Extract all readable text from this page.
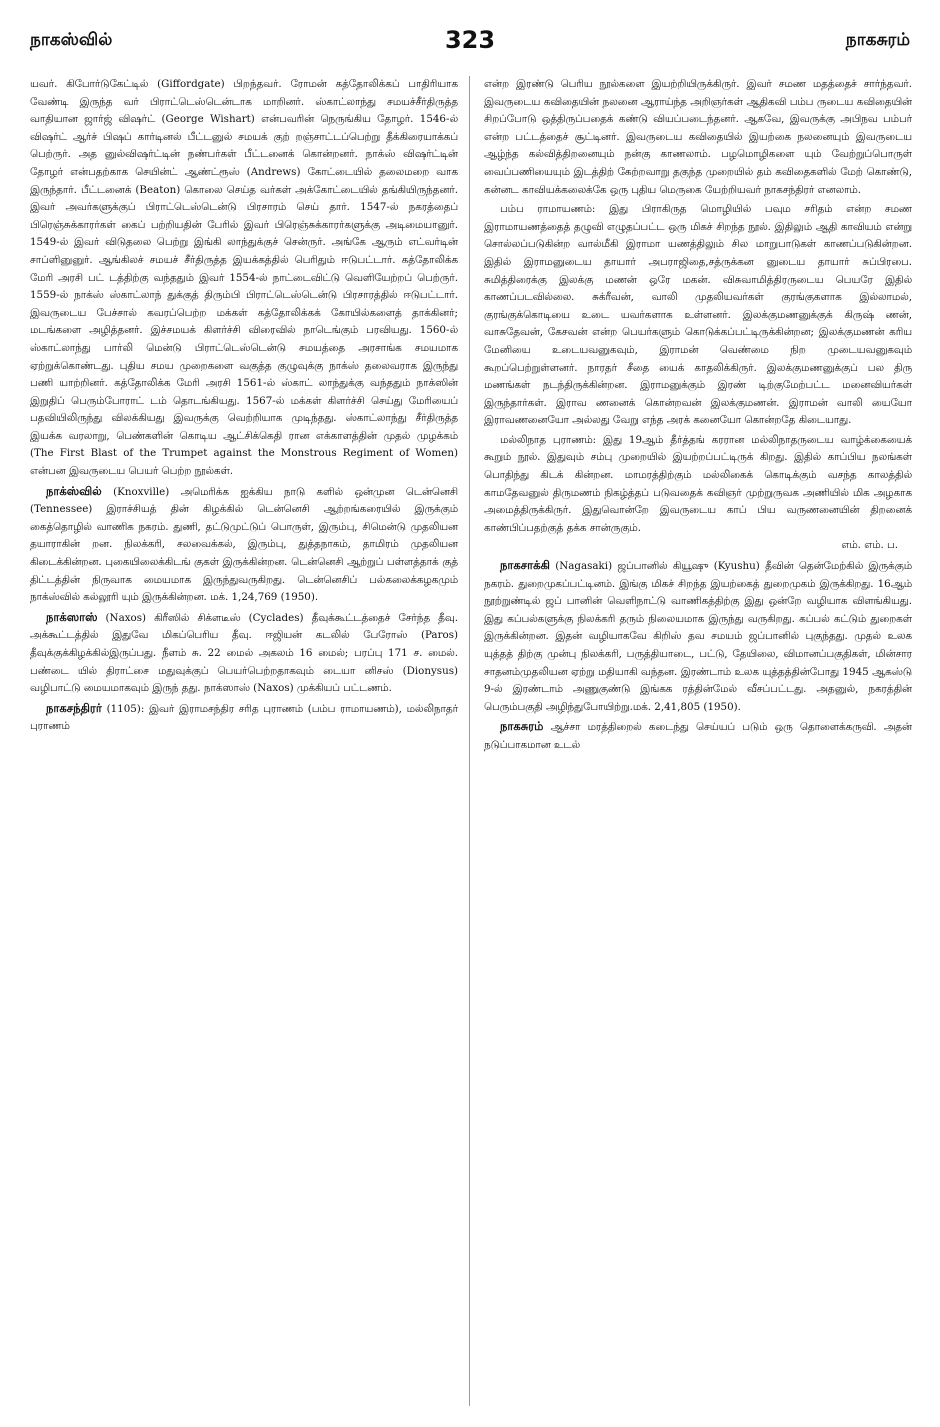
நாகஸ்வில்	323	நாகசுரம்

யவர். கிபோர்டுகேட்டில் (Giffordgate) பிறந்தவர். ரோமன் கத்தோலிக்கப் பாதிரியாக வேண்டி இருந்த வர் பிராட்டெஸ்டென்டாக மாறினர். ஸ்காட்லாந்து சமயச்சீர்திருத்த வாதியான ஜார்ஜ் விஷர்ட் (George Wishart) என்பவரின் நெருங்கிய தோழர். 1546-ல் விஷர்ட் ஆர்ச் பிஷப் கார்டினல் பீட்டனுல் சமயக் குற் றஞ்சாட்டப்பெற்று தீக்கிரையாக்கப் பெற்ருர். அத னுல்விஷர்ட்டின் நண்பர்கள் பீட்டனைக் கொன்றனர். நாக்ஸ் விஷர்ட்டின் தோழர் என்பதற்காக செயின்ட் ஆண்ட்ரூஸ் (Andrews) கோட்டையில் தலைமறை வாக இருந்தார். பீட்டனைக் (Beaton) கொலை செய்த வர்கள் அக்கோட்டையில் தங்கியிருந்தனர். இவர் அவர்களுக்குப் பிராட்டெஸ்டென்டு பிரசாரம் செய் தார். 1547-ல் நகரத்தைப் பிரெஞ்சுக்காரர்கள் கைப் பற்றியதின் பேரில் இவர் பிரெஞ்சுக்காரர்களுக்கு அடிமையானுர். 1549-ல் இவர் விடுதலை பெற்று இங்கி லாந்துக்குச் சென்ருர். அங்கே ஆரும் எட்வர்டின் சாப்ளினுனுர். ஆங்கிலச் சமயச் சீர்திருத்த இயக்கத்தில் பெரிதும் ஈடுபட்டார். கத்தோலிக்க மேரி அரசி பட் டத்திற்கு வந்ததும் இவர் 1554-ல் நாட்டைவிட்டு வெளியேற்றப் பெற்ருர். 1559-ல் நாக்ஸ் ஸ்காட்லாந் துக்குத் திரும்பி பிராட்டெஸ்டென்டு பிரசாரத்தில் ஈடுபட்டார். இவருடைய பேச்சால் கவரப்பெற்ற மக்கள் கத்தோலிக்கக் கோயில்களைத் தாக்கினர்; மடங்களை அழித்தனர். இச்சமயக் கிளர்ச்சி விரைவில் நாடெங்கும் பரவியது. 1560-ல் ஸ்காட்லாந்து பார்லி மென்டு பிராட்டெஸ்டென்டு சமயத்தை அரசாங்க சமயமாக ஏற்றுக்கொண்டது. புதிய சமய முறைகளை வகுத்த குழுவுக்கு நாக்ஸ் தலைவராக இருந்து பணி யாற்றினர். கத்தோலிக்க மேரி அரசி 1561-ல் ஸ்காட் லாந்துக்கு வந்ததும் நாக்ஸின் இறுதிப் பெரும்போராட் டம் தொடங்கியது. 1567-ல் மக்கள் கிளர்ச்சி செய்து மேரியைப் பதவியிலிருந்து விலக்கியது இவருக்கு வெற்றியாக முடிந்தது. ஸ்காட்லாந்து சீர்திருத்த இயக்க வரலாறு, பெண்களின் கொடிய ஆட்சிக்கெதி ரான எக்காளத்தின் முதல் முழக்கம் (The First Blast of the Trumpet against the Monstrous Regiment of Women) என்பன இவருடைய பெயர் பெற்ற நூல்கள்.

நாக்ஸ்வில் (Knoxville) அமெரிக்க ஐக்கிய நாடு களில் ஒன்முன டென்னெசி (Tennessee) இராச்சியத் தின் கிழக்கில் டென்னெசி ஆற்றங்கரையில் இருக்கும் கைத்தொழில் வாணிக நகரம். துணி, தட்டுமுட்டுப் பொருள், இரும்பு, சிமென்டு முதலியன தயாராகின் றன. நிலக்கரி, சலவைக்கல், இரும்பு, துத்தநாகம், தாமிரம் முதலியன கிடைக்கின்றன. புகையிலைக்கிடங் குகள் இருக்கின்றன. டென்னெசி ஆற்றுப் பள்ளத்தாக் குத் திட்டத்தின் நிருவாக மையமாக இருந்துவருகிறது. டென்னெசிப் பல்கலைக்கழகமும் நாக்ஸ்வில் கல்லூரி யும் இருக்கின்றன. மக். 1,24,769 (1950).

நாக்ஸாஸ் (Naxos) கிரீஸில் சிக்ளடீஸ் (Cyclades) தீவுக்கூட்டத்தைச் சேர்ந்த தீவு. அக்கூட்டத்தில் இதுவே மிகப்பெரிய தீவு. ஈஜியன் கடலில் பேரோஸ் (Paros) தீவுக்குக்கிழக்கில்இருப்பது. நீளம் சு. 22 மைல் அகலம் 16 மைல்; பரப்பு 171 ச. மைல். பண்டை யில் திராட்சை மதுவுக்குப் பெயர்பெற்றதாகவும் டையா னிசஸ் (Dionysus) வழிபாட்டு மையமாகவும் இருந் தது. நாக்ஸாஸ் (Naxos) முக்கியப் பட்டணம்.

நாகசந்திரர் (1105): இவர் இராமசந்திர சரித புராணம் (பம்ப ராமாயணம்), மல்லிநாதர் புராணம்

என்ற இரண்டு பெரிய நூல்களை இயற்றியிருக்கிருர். இவர் சமண மதத்தைச் சார்ந்தவர். இவருடைய கவிதையின் நலனை ஆராய்ந்த அறிஞர்கள் ஆதிகவி பம்ப ருடைய கவிதையின் சிறப்போடு ஒத்திருப்பதைக் கண்டு வியப்படைந்தனர். ஆகவே, இவருக்கு அபிநவ பம்பர் என்ற பட்டத்தைச் சூட்டினர். இவருடைய கவிதையில் இயற்கை நலனையும் இவருடைய ஆழ்ந்த கல்வித்திறனையும் நன்கு காணலாம். பழமொழிகளை யும் வேற்றுப்பொருள் வைப்பணியையும் இடத்திற் கேற்றவாறு தகுந்த முறையில் தம் கவிதைகளில் மேற் கொண்டு, கன்னட காவியக்கலைக்கே ஒரு புதிய மெருகை யேற்றியவர் நாகசந்திரர் எனலாம்.

பம்ப ராமாயணம்: இது பிராகிருத மொழியில் பவும சரிதம் என்ற சமண இராமாயணத்தைத் தழுவி எழுதப்பட்ட ஒரு மிகச் சிறந்த நூல். இதிலும் ஆதி காவியம் என்று சொல்லப்படுகின்ற வால்மீகி இராமா யணத்திலும் சில மாறுபாடுகள் காணப்படுகின்றன. இதில் இராமனுடைய தாயார் அபராஜிதை,சத்ருக்கன னுடைய தாயார் சுப்பிரபை. சுமித்திரைக்கு இலக்கு மணன் ஒரே மகன். விசுவாமித்திரருடைய பெயரே இதில் காணப்படவில்லை. சுக்ரீவன், வாலி முதலியவர்கள் குரங்குகளாக இல்லாமல், குரங்குக்கொடியை உடை யவர்களாக உள்ளனர். இலக்குமணனுக்குக் கிருஷ் ணன், வாசுதேவன், கேசவன் என்ற பெயர்களும் கொடுக்கப்பட்டிருக்கின்றன; இலக்குமணன் கரிய மேனியை உடையவனுகவும், இராமன் வெண்மை நிற முடையவனுகவும் கூறப்பெற்றுள்ளனர். நாரதர் சீதை யைக் காதலிக்கிருர். இலக்குமணனுக்குப் பல திரு மணங்கள் நடந்திருக்கின்றன. இராமனுக்கும் இரண் டிற்குமேற்பட்ட மனைவியர்கள் இருந்தார்கள். இராவ ணனைக் கொன்றவன் இலக்குமணன். இராமன் வாலி யையோ இராவணனையோ அல்லது வேறு எந்த அரக் கனையோ கொன்றதே கிடையாது.

மல்லிநாத புராணம்: இது 19ஆம் தீர்த்தங் கரரான மல்லிநாதருடைய வாழ்க்கையைக் கூறும் நூல். இதுவும் சம்பு முறையில் இயற்றப்பட்டிருக் கிறது. இதில் காப்பிய நலங்கள் பொதிந்து கிடக் கின்றன. மாமரத்திற்கும் மல்லிகைக் கொடிக்கும் வசந்த காலத்தில் காமதேவனுல் திருமணம் நிகழ்த்தப் படுவதைக் கவிஞர் முற்றுருவக அணியில் மிக அழகாக அமைத்திருக்கிருர். இதுவொன்றே இவருடைய காப் பிய வருணனையின் திறனைக் காண்பிப்பதற்குத் தக்க சான்ருகும்.

எம். எம். ப.

நாகசாக்கி (Nagasaki) ஜப்பானில் கியூஷு (Kyushu) தீவின் தென்மேற்கில் இருக்கும் நகரம். துறைமுகப்பட்டினம். இங்கு மிகச் சிறந்த இயற்கைத் துறைமுகம் இருக்கிறது. 16ஆம் நூற்றுண்டில் ஜப் பானின் வெளிநாட்டு வாணிகத்திற்கு இது ஒன்றே வழியாக விளங்கியது. இது கப்பல்களுக்கு நிலக்கரி தரும் நிலையமாக இருந்து வருகிறது. கப்பல் கட்டும் துறைகள் இருக்கின்றன. இதன் வழியாகவே கிறிஸ் தவ சமயம் ஜப்பானில் புகுந்தது. முதல் உலக யுத்தத் திற்கு முன்பு நிலக்கரி, பருத்தியாடை, பட்டு, தேயிலை, விமானப்பகுதிகள், மின்சார சாதனம்முதலியன ஏற்று மதியாகி வந்தன. இரண்டாம் உலக யுத்தத்தின்போது 1945 ஆகஸ்டு 9-ல் இரண்டாம் அணுகுண்டு இங்கக ரத்தின்மேல் வீசப்பட்டது. அதனுல், நகரத்தின் பெரும்பகுதி அழிந்துபோயிற்று.மக். 2,41,805 (1950).

நாகசுரம் ஆச்சா மரத்திறைல் கடைந்து செய்யப் படும் ஒரு தொளைக்கருவி. அதன் நடுப்பாகமான உடல்
